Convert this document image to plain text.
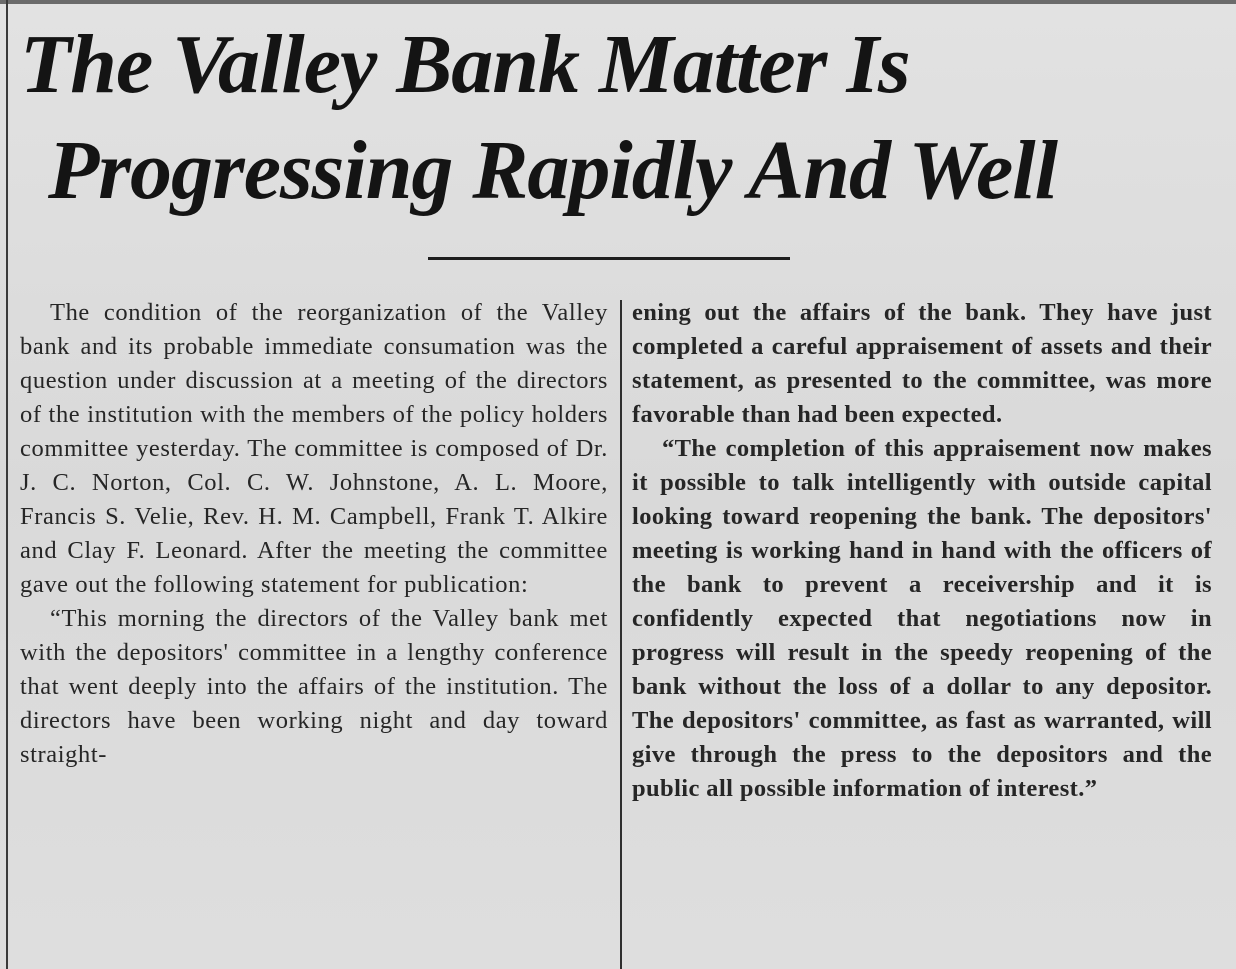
The Valley Bank Matter Is
Progressing Rapidly And Well

The condition of the reorganization of the Valley bank and its probable immediate consumation was the question under discussion at a meeting of the directors of the institution with the members of the policy holders committee yesterday. The committee is composed of Dr. J. C. Norton, Col. C. W. Johnstone, A. L. Moore, Francis S. Velie, Rev. H. M. Campbell, Frank T. Alkire and Clay F. Leonard. After the meeting the committee gave out the following statement for publication:

“This morning the directors of the Valley bank met with the depositors' committee in a lengthy conference that went deeply into the affairs of the institution. The directors have been working night and day toward straight-

ening out the affairs of the bank. They have just completed a careful appraisement of assets and their statement, as presented to the committee, was more favorable than had been expected.

“The completion of this appraisement now makes it possible to talk intelligently with outside capital looking toward reopening the bank. The depositors' meeting is working hand in hand with the officers of the bank to prevent a receivership and it is confidently expected that negotiations now in progress will result in the speedy reopening of the bank without the loss of a dollar to any depositor. The depositors' committee, as fast as warranted, will give through the press to the depositors and the public all possible information of interest.”
